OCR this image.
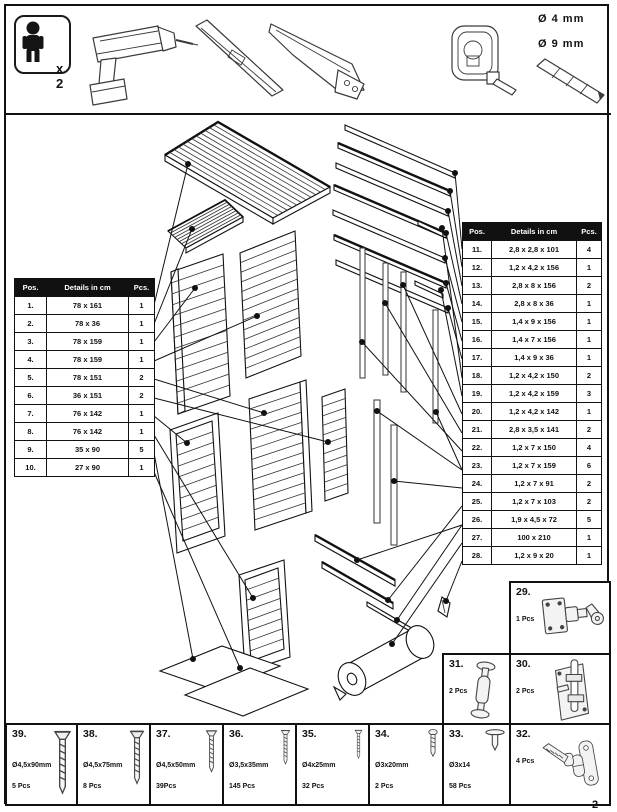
x 2
Ø 4 mm
Ø 9 mm
Pos.	Details in cm	Pcs.
1.	78 x 161	1
2.	78 x 36	1
3.	78 x 159	1
4.	78 x 159	1
5.	78 x 151	2
6.	36 x 151	2
7.	76 x 142	1
8.	76 x 142	1
9.	35 x 90	5
10.	27 x 90	1
Pos.	Details in cm	Pcs.
11.	2,8 x 2,8 x 101	4
12.	1,2 x 4,2 x 156	1
13.	2,8 x 8 x 156	2
14.	2,8 x 8 x 36	1
15.	1,4 x 9 x 156	1
16.	1,4 x 7 x 156	1
17.	1,4 x 9 x 36	1
18.	1,2 x 4,2 x 150	2
19.	1,2 x 4,2 x 159	3
20.	1,2 x 4,2 x 142	1
21.	2,8 x 3,5 x 141	2
22.	1,2 x 7 x 150	4
23.	1,2 x 7 x 159	6
24.	1,2 x 7 x 91	2
25.	1,2 x 7 x 103	2
26.	1,9 x 4,5 x 72	5
27.	100 x 210	1
28.	1,2 x 9 x 20	1
29.
1 Pcs
31.
2 Pcs
30.
2 Pcs
39.
Ø4,5x90mm
5 Pcs
38.
Ø4,5x75mm
8 Pcs
37.
Ø4,5x50mm
39Pcs
36.
Ø3,5x35mm
145 Pcs
35.
Ø4x25mm
32 Pcs
34.
Ø3x20mm
2 Pcs
33.
Ø3x14
58 Pcs
32.
4 Pcs
2
